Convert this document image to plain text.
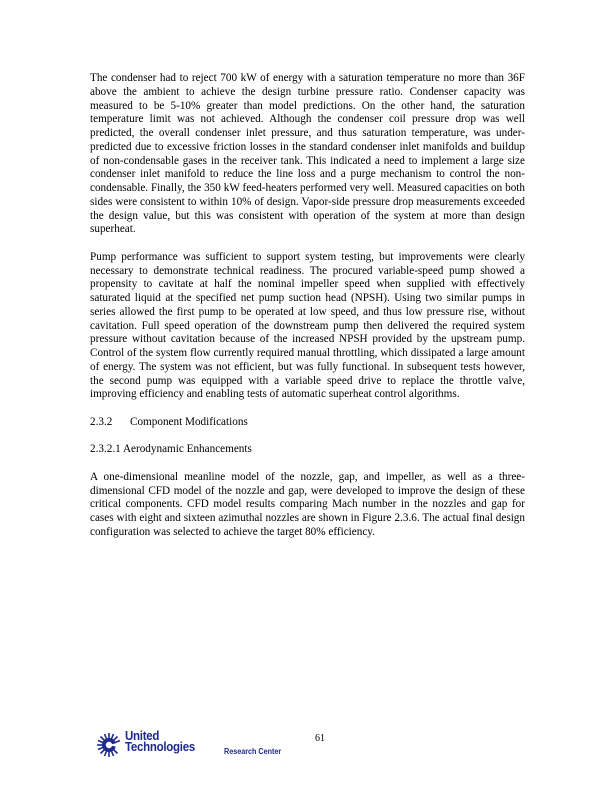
The condenser had to reject 700 kW of energy with a saturation temperature no more than 36F above the ambient to achieve the design turbine pressure ratio. Condenser capacity was measured to be 5-10% greater than model predictions. On the other hand, the saturation temperature limit was not achieved. Although the condenser coil pressure drop was well predicted, the overall condenser inlet pressure, and thus saturation temperature, was under-predicted due to excessive friction losses in the standard condenser inlet manifolds and buildup of non-condensable gases in the receiver tank. This indicated a need to implement a large size condenser inlet manifold to reduce the line loss and a purge mechanism to control the non-condensable. Finally, the 350 kW feed-heaters performed very well. Measured capacities on both sides were consistent to within 10% of design. Vapor-side pressure drop measurements exceeded the design value, but this was consistent with operation of the system at more than design superheat.

Pump performance was sufficient to support system testing, but improvements were clearly necessary to demonstrate technical readiness. The procured variable-speed pump showed a propensity to cavitate at half the nominal impeller speed when supplied with effectively saturated liquid at the specified net pump suction head (NPSH). Using two similar pumps in series allowed the first pump to be operated at low speed, and thus low pressure rise, without cavitation. Full speed operation of the downstream pump then delivered the required system pressure without cavitation because of the increased NPSH provided by the upstream pump. Control of the system flow currently required manual throttling, which dissipated a large amount of energy. The system was not efficient, but was fully functional. In subsequent tests however, the second pump was equipped with a variable speed drive to replace the throttle valve, improving efficiency and enabling tests of automatic superheat control algorithms.

2.3.2 Component Modifications

2.3.2.1 Aerodynamic Enhancements

A one-dimensional meanline model of the nozzle, gap, and impeller, as well as a three-dimensional CFD model of the nozzle and gap, were developed to improve the design of these critical components. CFD model results comparing Mach number in the nozzles and gap for cases with eight and sixteen azimuthal nozzles are shown in Figure 2.3.6. The actual final design configuration was selected to achieve the target 80% efficiency.

United
Technologies	Research Center
61
